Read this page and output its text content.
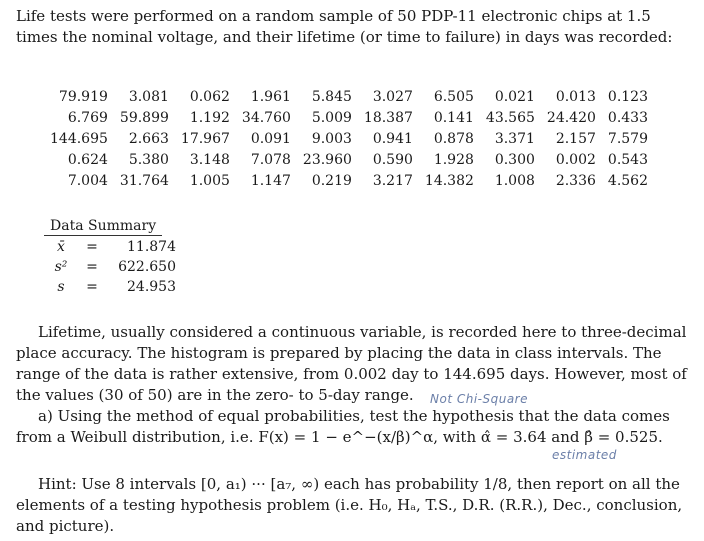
Life tests were performed on a random sample of 50 PDP-11 electronic chips at 1.5 times the nominal voltage, and their lifetime (or time to failure) in days was recorded:
79.919	3.081	0.062	1.961	5.845	3.027	6.505	0.021	0.013	0.123
6.769	59.899	1.192	34.760	5.009	18.387	0.141	43.565	24.420	0.433
144.695	2.663	17.967	0.091	9.003	0.941	0.878	3.371	2.157	7.579
0.624	5.380	3.148	7.078	23.960	0.590	1.928	0.300	0.002	0.543
7.004	31.764	1.005	1.147	0.219	3.217	14.382	1.008	2.336	4.562
Data Summary
x̄	=	11.874
s²	=	622.650
s	=	24.953
Lifetime, usually considered a continuous variable, is recorded here to three-decimal place accuracy. The histogram is prepared by placing the data in class intervals. The range of the data is rather extensive, from 0.002 day to 144.695 days. However, most of the values (30 of 50) are in the zero- to 5-day range.	Not Chi-Square
a) Using the method of equal probabilities, test the hypothesis that the data comes from a Weibull distribution, i.e. F(x) = 1 − e^−(x/β)^α, with α̂ = 3.64 and β̂ = 0.525.
estimated
Hint: Use 8 intervals [0, a₁) ··· [a₇, ∞) each has probability 1/8, then report on all the elements of a testing hypothesis problem (i.e. H₀, Hₐ, T.S., D.R. (R.R.), Dec., conclusion, and picture).
